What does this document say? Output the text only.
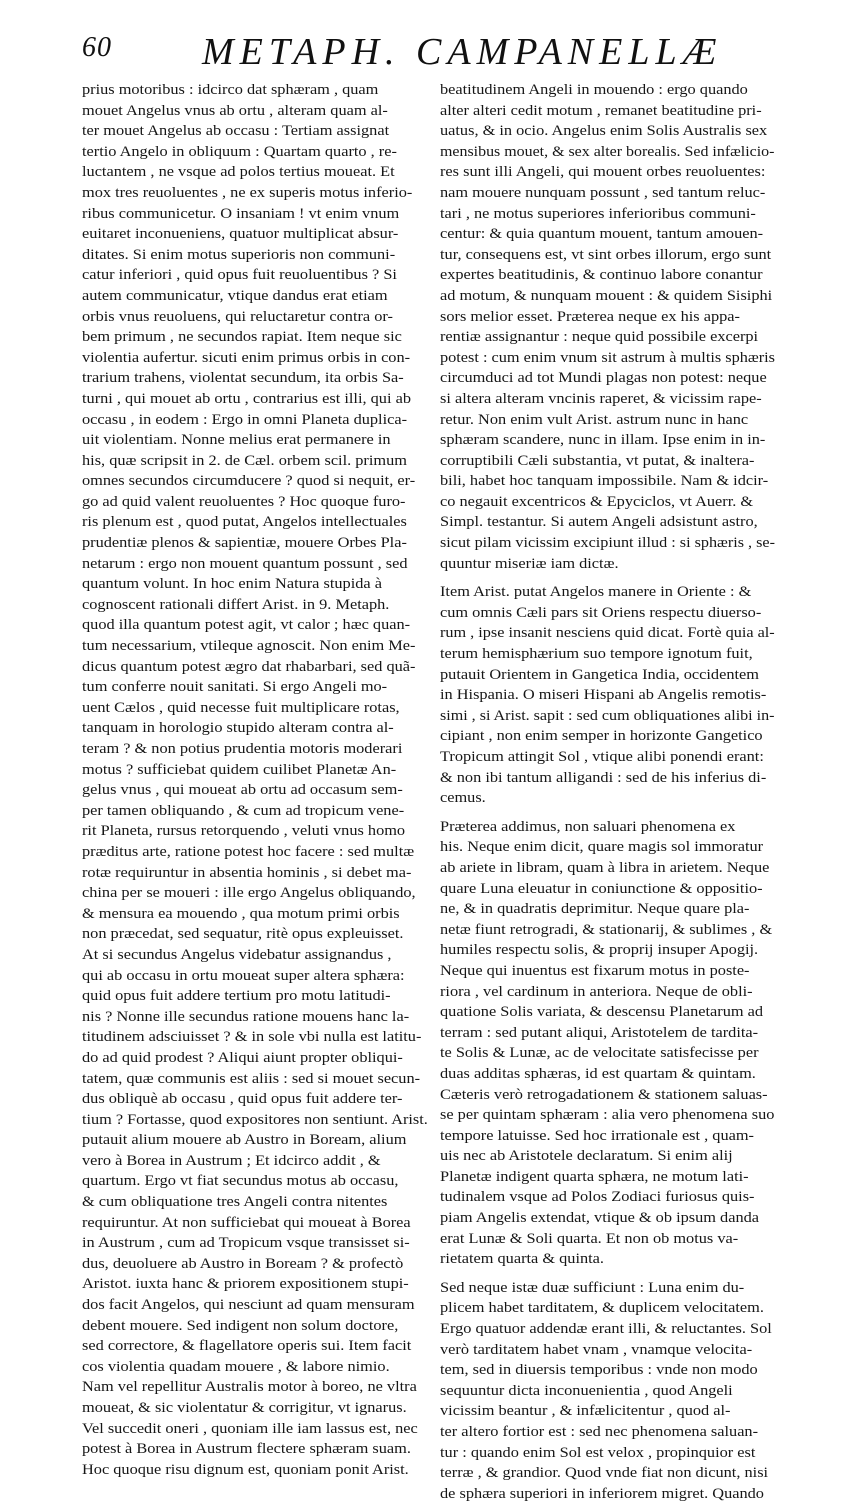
60 METAPH. CAMPANELLÆ
prius motoribus : idcirco dat sphæram , quam
mouet Angelus vnus ab ortu , alteram quam al-
ter mouet Angelus ab occasu : Tertiam assignat
tertio Angelo in obliquum : Quartam quarto , re-
luctantem , ne vsque ad polos tertius moueat. Et
mox tres reuoluentes , ne ex superis motus inferio-
ribus communicetur. O insaniam ! vt enim vnum
euitaret inconueniens, quatuor multiplicat absur-
ditates. Si enim motus superioris non communi-
catur inferiori , quid opus fuit reuoluentibus ? Si
autem communicatur, vtique dandus erat etiam
orbis vnus reuoluens, qui reluctaretur contra or-
bem primum , ne secundos rapiat. Item neque sic
violentia aufertur. sicuti enim primus orbis in con-
trarium trahens, violentat secundum, ita orbis Sa-
turni , qui mouet ab ortu , contrarius est illi, qui ab
occasu , in eodem : Ergo in omni Planeta duplica-
uit violentiam. Nonne melius erat permanere in
his, quæ scripsit in 2. de Cæl. orbem scil. primum
omnes secundos circumducere ? quod si nequit, er-
go ad quid valent reuoluentes ? Hoc quoque furo-
ris plenum est , quod putat, Angelos intellectuales
prudentiæ plenos & sapientiæ, mouere Orbes Pla-
netarum : ergo non mouent quantum possunt , sed
quantum volunt. In hoc enim Natura stupida à
cognoscent rationali differt Arist. in 9. Metaph.
quod illa quantum potest agit, vt calor ; hæc quan-
tum necessarium, vtileque agnoscit. Non enim Me-
dicus quantum potest ægro dat rhabarbari, sed quã-
tum conferre nouit sanitati. Si ergo Angeli mo-
uent Cælos , quid necesse fuit multiplicare rotas,
tanquam in horologio stupido alteram contra al-
teram ? & non potius prudentia motoris moderari
motus ? sufficiebat quidem cuilibet Planetæ An-
gelus vnus , qui moueat ab ortu ad occasum sem-
per tamen obliquando , & cum ad tropicum vene-
rit Planeta, rursus retorquendo , veluti vnus homo
præditus arte, ratione potest hoc facere : sed multæ
rotæ requiruntur in absentia hominis , si debet ma-
china per se moueri : ille ergo Angelus obliquando,
& mensura ea mouendo , qua motum primi orbis
non præcedat, sed sequatur, ritè opus expleuisset.
At si secundus Angelus videbatur assignandus ,
qui ab occasu in ortu moueat super altera sphæra:
quid opus fuit addere tertium pro motu latitudi-
nis ? Nonne ille secundus ratione mouens hanc la-
titudinem adsciuisset ? & in sole vbi nulla est latitu-
do ad quid prodest ? Aliqui aiunt propter obliqui-
tatem, quæ communis est aliis : sed si mouet secun-
dus obliquè ab occasu , quid opus fuit addere ter-
tium ? Fortasse, quod expositores non sentiunt. Arist.
putauit alium mouere ab Austro in Boream, alium
vero à Borea in Austrum ; Et idcirco addit , &
quartum. Ergo vt fiat secundus motus ab occasu,
& cum obliquatione tres Angeli contra nitentes
requiruntur. At non sufficiebat qui moueat à Borea
in Austrum , cum ad Tropicum vsque transisset si-
dus, deuoluere ab Austro in Boream ? & profectò
Aristot. iuxta hanc & priorem expositionem stupi-
dos facit Angelos, qui nesciunt ad quam mensuram
debent mouere. Sed indigent non solum doctore,
sed correctore, & flagellatore operis sui. Item facit
cos violentia quadam mouere , & labore nimio.
Nam vel repellitur Australis motor à boreo, ne vltra
moueat, & sic violentatur & corrigitur, vt ignarus.
Vel succedit oneri , quoniam ille iam lassus est, nec
potest à Borea in Austrum flectere sphæram suam.
Hoc quoque risu dignum est, quoniam ponit Arist.
beatitudinem Angeli in mouendo : ergo quando
alter alteri cedit motum , remanet beatitudine pri-
uatus, & in ocio. Angelus enim Solis Australis sex
mensibus mouet, & sex alter borealis. Sed infælicio-
res sunt illi Angeli, qui mouent orbes reuoluentes:
nam mouere nunquam possunt , sed tantum reluc-
tari , ne motus superiores inferioribus communi-
centur: & quia quantum mouent, tantum amouen-
tur, consequens est, vt sint orbes illorum, ergo sunt
expertes beatitudinis, & continuo labore conantur
ad motum, & nunquam mouent : & quidem Sisiphi
sors melior esset. Præterea neque ex his appa-
rentiæ assignantur : neque quid possibile excerpi
potest : cum enim vnum sit astrum à multis sphæris
circumduci ad tot Mundi plagas non potest: neque
si altera alteram vncinis raperet, & vicissim rape-
retur. Non enim vult Arist. astrum nunc in hanc
sphæram scandere, nunc in illam. Ipse enim in in-
corruptibili Cæli substantia, vt putat, & inaltera-
bili, habet hoc tanquam impossibile. Nam & idcir-
co negauit excentricos & Epyciclos, vt Auerr. &
Simpl. testantur. Si autem Angeli adsistunt astro,
sicut pilam vicissim excipiunt illud : si sphæris , se-
quuntur miseriæ iam dictæ.
Item Arist. putat Angelos manere in Oriente : &
cum omnis Cæli pars sit Oriens respectu diuerso-
rum , ipse insanit nesciens quid dicat. Fortè quia al-
terum hemisphærium suo tempore ignotum fuit,
putauit Orientem in Gangetica India, occidentem
in Hispania. O miseri Hispani ab Angelis remotis-
simi , si Arist. sapit : sed cum obliquationes alibi in-
cipiant , non enim semper in horizonte Gangetico
Tropicum attingit Sol , vtique alibi ponendi erant:
& non ibi tantum alligandi : sed de his inferius di-
cemus.
Præterea addimus, non saluari phenomena ex
his. Neque enim dicit, quare magis sol immoratur
ab ariete in libram, quam à libra in arietem. Neque
quare Luna eleuatur in coniunctione & oppositio-
ne, & in quadratis deprimitur. Neque quare pla-
netæ fiunt retrogradi, & stationarij, & sublimes , &
humiles respectu solis, & proprij insuper Apogij.
Neque qui inuentus est fixarum motus in poste-
riora , vel cardinum in anteriora. Neque de obli-
quatione Solis variata, & descensu Planetarum ad
terram : sed putant aliqui, Aristotelem de tardita-
te Solis & Lunæ, ac de velocitate satisfecisse per
duas additas sphæras, id est quartam & quintam.
Cæteris verò retrogadationem & stationem saluas-
se per quintam sphæram : alia vero phenomena suo
tempore latuisse. Sed hoc irrationale est , quam-
uis nec ab Aristotele declaratum. Si enim alij
Planetæ indigent quarta sphæra, ne motum lati-
tudinalem vsque ad Polos Zodiaci furiosus quis-
piam Angelis extendat, vtique & ob ipsum danda
erat Lunæ & Soli quarta. Et non ob motus va-
rietatem quarta & quinta.
Sed neque istæ duæ sufficiunt : Luna enim du-
plicem habet tarditatem, & duplicem velocitatem.
Ergo quatuor addendæ erant illi, & reluctantes. Sol
verò tarditatem habet vnam , vnamque velocita-
tem, sed in diuersis temporibus : vnde non modo
sequuntur dicta inconuenientia , quod Angeli
vicissim beantur , & infælicitentur , quod al-
ter altero fortior est : sed nec phenomena saluan-
tur : quando enim Sol est velox , propinquior est
terræ , & grandior. Quod vnde fiat non dicunt, nisi
de sphæra superiori in inferiorem migret. Quando
